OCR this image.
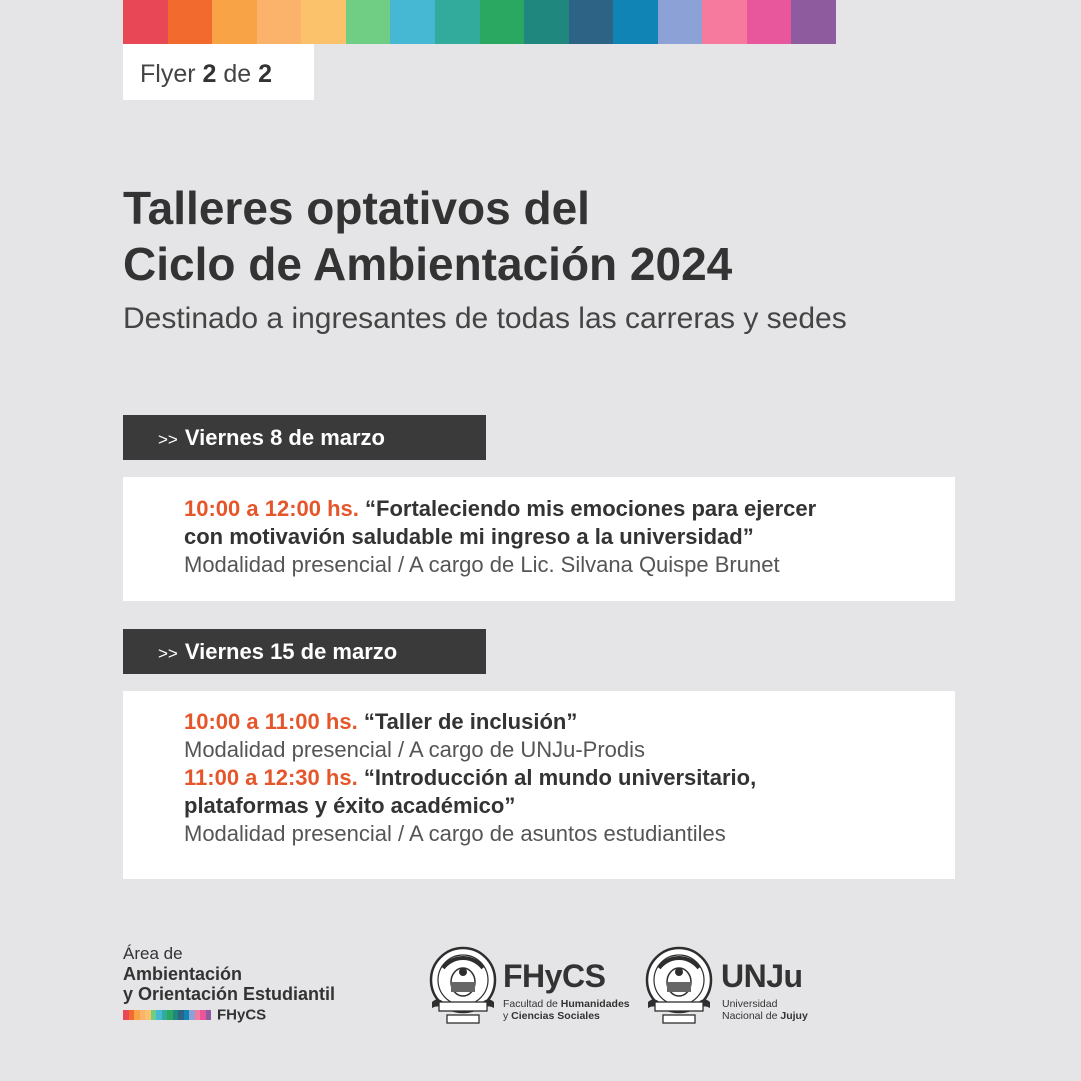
Flyer 2 de 2
Talleres optativos del
Ciclo de Ambientación 2024

Destinado a ingresantes de todas las carreras y sedes

>> Viernes 8 de marzo
10:00 a 12:00 hs. “Fortaleciendo mis emociones para ejercer
con motivavión saludable mi ingreso a la universidad”
Modalidad presencial / A cargo de Lic. Silvana Quispe Brunet
>> Viernes 15 de marzo
10:00 a 11:00 hs. “Taller de inclusión”
Modalidad presencial / A cargo de UNJu-Prodis
11:00 a 12:30 hs. “Introducción al mundo universitario,
plataformas y éxito académico”
Modalidad presencial / A cargo de asuntos estudiantiles
Área de
Ambientación
y Orientación Estudiantil
FHyCS
FHyCS
Facultad de Humanidades
y Ciencias Sociales
UNJu
Universidad
Nacional de Jujuy
